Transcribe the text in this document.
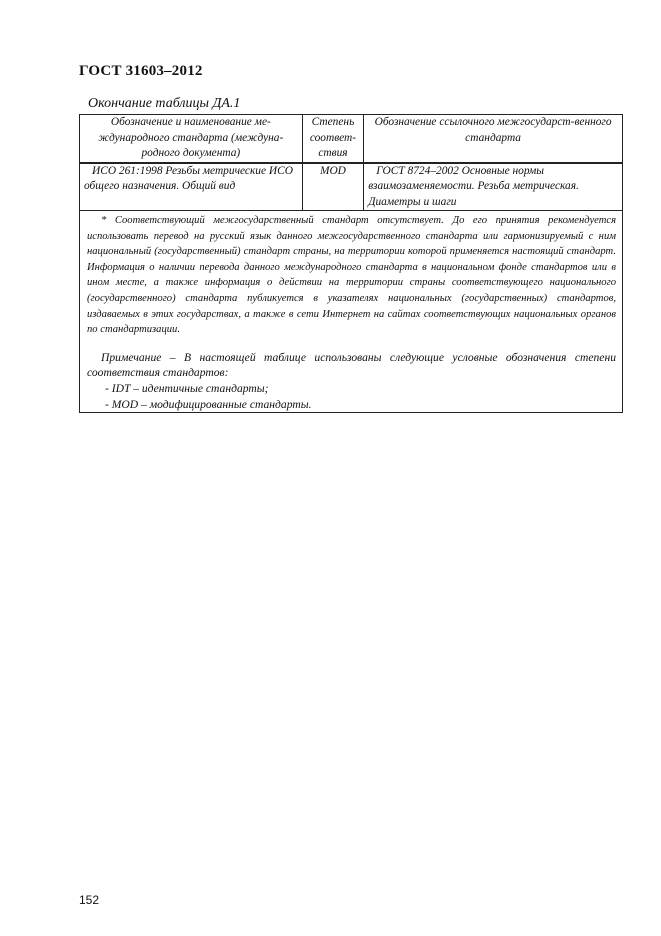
ГОСТ 31603–2012
Окончание таблицы ДА.1
Обозначение и наименование ме-ждународного стандарта (междуна-родного документа)	Степень соответ-ствия	Обозначение ссылочного межгосударст-венного стандарта
ИСО 261:1998 Резьбы метрические ИСО общего назначения. Общий вид	MOD	ГОСТ 8724–2002 Основные нормы взаимозаменяемости. Резьба метрическая. Диаметры и шаги

* Соответствующий межгосударственный стандарт отсутствует. До его принятия рекомендуется использовать перевод на русский язык данного межгосударственного стандарта или гармонизируемый с ним национальный (государственный) стандарт страны, на территории которой применяется настоящий стандарт. Информация о наличии перевода данного международного стандарта в национальном фонде стандартов или в ином месте, а также информация о действии на территории страны соответствующего национального (государственного) стандарта публикуется в указателях национальных (государственных) стандартов, издаваемых в этих государствах, а также в сети Интернет на сайтах соответствующих национальных органов по стандартизации.

Примечание – В настоящей таблице использованы следующие условные обозначения степени соответствия стандартов:

- IDT – идентичные стандарты;

- MOD – модифицированные стандарты.		

152
